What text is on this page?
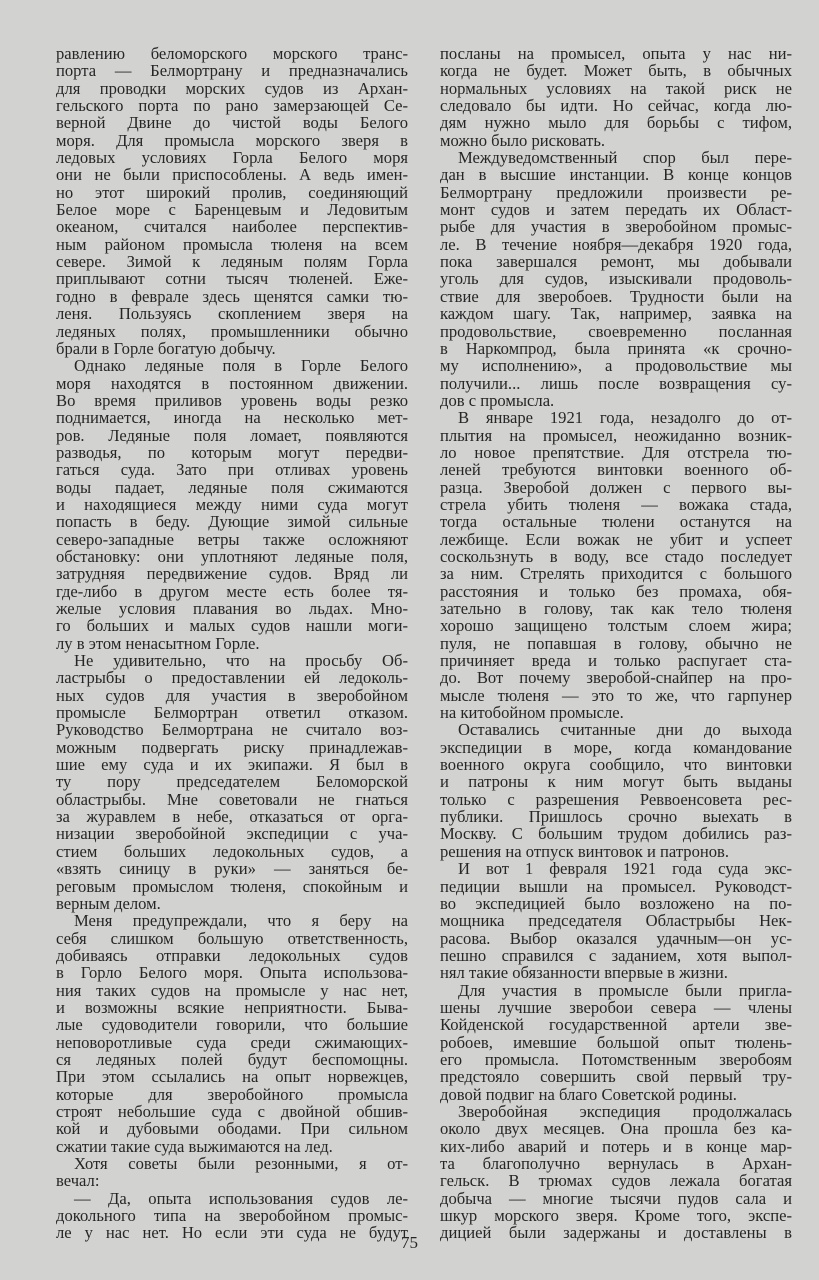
равлению беломорского морского транс-
порта — Белмортрану и предназначались
для проводки морских судов из Архан-
гельского порта по рано замерзающей Се-
верной Двине до чистой воды Белого
моря. Для промысла морского зверя в
ледовых условиях Горла Белого моря
они не были приспособлены. А ведь имен-
но этот широкий пролив, соединяющий
Белое море с Баренцевым и Ледовитым
океаном, считался наиболее перспектив-
ным районом промысла тюленя на всем
севере. Зимой к ледяным полям Горла
приплывают сотни тысяч тюленей. Еже-
годно в феврале здесь щенятся самки тю-
леня. Пользуясь скоплением зверя на
ледяных полях, промышленники обычно
брали в Горле богатую добычу.
Однако ледяные поля в Горле Белого
моря находятся в постоянном движении.
Во время приливов уровень воды резко
поднимается, иногда на несколько мет-
ров. Ледяные поля ломает, появляются
разводья, по которым могут передви-
гаться суда. Зато при отливах уровень
воды падает, ледяные поля сжимаются
и находящиеся между ними суда могут
попасть в беду. Дующие зимой сильные
северо-западные ветры также осложняют
обстановку: они уплотняют ледяные поля,
затрудняя передвижение судов. Вряд ли
где-либо в другом месте есть более тя-
желые условия плавания во льдах. Мно-
го больших и малых судов нашли моги-
лу в этом ненасытном Горле.
Не удивительно, что на просьбу Об-
ластрыбы о предоставлении ей ледоколь-
ных судов для участия в зверобойном
промысле Белмортран ответил отказом.
Руководство Белмортрана не считало воз-
можным подвергать риску принадлежав-
шие ему суда и их экипажи. Я был в
ту пору председателем Беломорской
областрыбы. Мне советовали не гнаться
за журавлем в небе, отказаться от орга-
низации зверобойной экспедиции с уча-
стием больших ледокольных судов, а
«взять синицу в руки» — заняться бе-
реговым промыслом тюленя, спокойным и
верным делом.
Меня предупреждали, что я беру на
себя слишком большую ответственность,
добиваясь отправки ледокольных судов
в Горло Белого моря. Опыта использова-
ния таких судов на промысле у нас нет,
и возможны всякие неприятности. Быва-
лые судоводители говорили, что большие
неповоротливые суда среди сжимающих-
ся ледяных полей будут беспомощны.
При этом ссылались на опыт норвежцев,
которые для зверобойного промысла
строят небольшие суда с двойной обшив-
кой и дубовыми ободами. При сильном
сжатии такие суда выжимаются на лед.
Хотя советы были резонными, я от-
вечал:
— Да, опыта использования судов ле-
докольного типа на зверобойном промыс-
ле у нас нет. Но если эти суда не будут
посланы на промысел, опыта у нас ни-
когда не будет. Может быть, в обычных
нормальных условиях на такой риск не
следовало бы идти. Но сейчас, когда лю-
дям нужно мыло для борьбы с тифом,
можно было рисковать.
Междуведомственный спор был пере-
дан в высшие инстанции. В конце концов
Белмортрану предложили произвести ре-
монт судов и затем передать их Област-
рыбе для участия в зверобойном промыс-
ле. В течение ноября—декабря 1920 года,
пока завершался ремонт, мы добывали
уголь для судов, изыскивали продоволь-
ствие для зверобоев. Трудности были на
каждом шагу. Так, например, заявка на
продовольствие, своевременно посланная
в Наркомпрод, была принята «к срочно-
му исполнению», а продовольствие мы
получили... лишь после возвращения су-
дов с промысла.
В январе 1921 года, незадолго до от-
плытия на промысел, неожиданно возник-
ло новое препятствие. Для отстрела тю-
леней требуются винтовки военного об-
разца. Зверобой должен с первого вы-
стрела убить тюленя — вожака стада,
тогда остальные тюлени останутся на
лежбище. Если вожак не убит и успеет
соскользнуть в воду, все стадо последует
за ним. Стрелять приходится с большого
расстояния и только без промаха, обя-
зательно в голову, так как тело тюленя
хорошо защищено толстым слоем жира;
пуля, не попавшая в голову, обычно не
причиняет вреда и только распугает ста-
до. Вот почему зверобой-снайпер на про-
мысле тюленя — это то же, что гарпунер
на китобойном промысле.
Оставались считанные дни до выхода
экспедиции в море, когда командование
военного округа сообщило, что винтовки
и патроны к ним могут быть выданы
только с разрешения Реввоенсовета рес-
публики. Пришлось срочно выехать в
Москву. С большим трудом добились раз-
решения на отпуск винтовок и патронов.
И вот 1 февраля 1921 года суда экс-
педиции вышли на промысел. Руководст-
во экспедицией было возложено на по-
мощника председателя Областрыбы Нек-
расова. Выбор оказался удачным—он ус-
пешно справился с заданием, хотя выпол-
нял такие обязанности впервые в жизни.
Для участия в промысле были пригла-
шены лучшие зверобои севера — члены
Койденской государственной артели зве-
робоев, имевшие большой опыт тюлень-
его промысла. Потомственным зверобоям
предстояло совершить свой первый тру-
довой подвиг на благо Советской родины.
Зверобойная экспедиция продолжалась
около двух месяцев. Она прошла без ка-
ких-либо аварий и потерь и в конце мар-
та благополучно вернулась в Архан-
гельск. В трюмах судов лежала богатая
добыча — многие тысячи пудов сала и
шкур морского зверя. Кроме того, экспе-
дицией были задержаны и доставлены в
75
